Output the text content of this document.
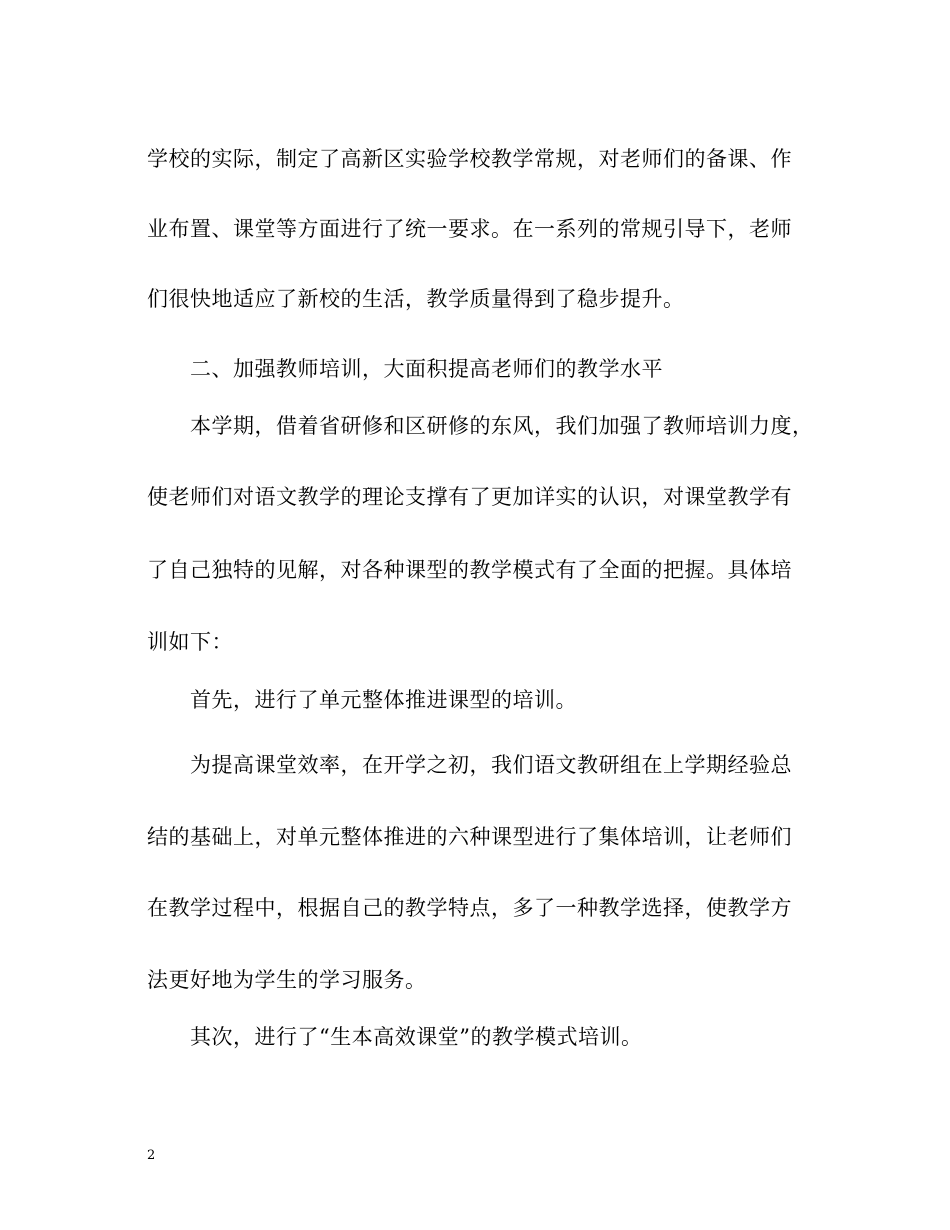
学校的实际，制定了高新区实验学校教学常规，对老师们的备课、作
业布置、课堂等方面进行了统一要求。在一系列的常规引导下，老师
们很快地适应了新校的生活，教学质量得到了稳步提升。
二、加强教师培训，大面积提高老师们的教学水平
本学期，借着省研修和区研修的东风，我们加强了教师培训力度，
使老师们对语文教学的理论支撑有了更加详实的认识，对课堂教学有
了自己独特的见解，对各种课型的教学模式有了全面的把握。具体培
训如下：
首先，进行了单元整体推进课型的培训。
为提高课堂效率，在开学之初，我们语文教研组在上学期经验总
结的基础上，对单元整体推进的六种课型进行了集体培训，让老师们
在教学过程中，根据自己的教学特点，多了一种教学选择，使教学方
法更好地为学生的学习服务。
其次，进行了“生本高效课堂”的教学模式培训。
2
